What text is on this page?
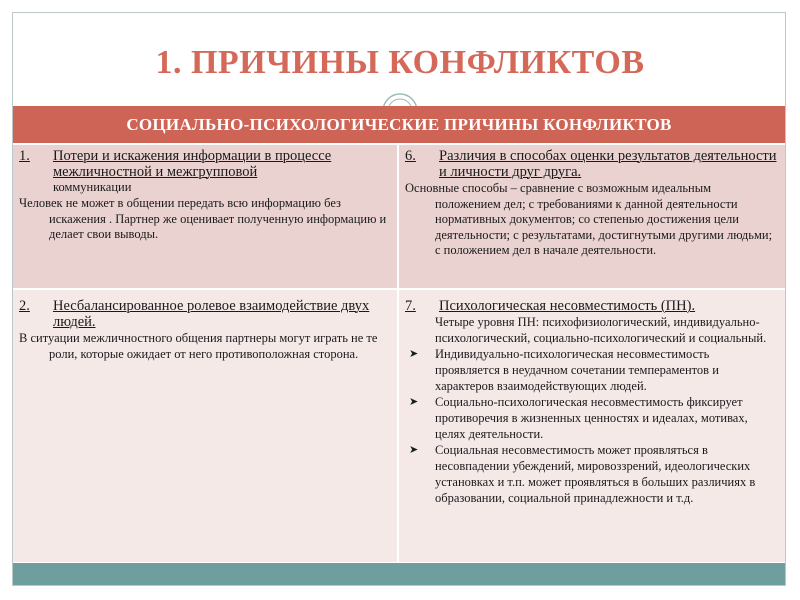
1. ПРИЧИНЫ КОНФЛИКТОВ
СОЦИАЛЬНО-ПСИХОЛОГИЧЕСКИЕ ПРИЧИНЫ КОНФЛИКТОВ
1.	Потери и искажения информации в процессе межличностной и межгрупповой
коммуникации
Человек не может в общении передать всю информацию без искажения . Партнер же оценивает полученную информацию и делает свои выводы.
6.	Различия в способах оценки результатов деятельности и личности друг друга.
Основные способы – сравнение с возможным идеальным положением дел; с требованиями к данной деятельности нормативных документов; со степенью достижения цели деятельности; с результатами, достигнутыми другими людьми; с положением дел в начале деятельности.
2.	Несбалансированное ролевое взаимодействие двух людей.
В ситуации межличностного общения партнеры могут играть не те роли, которые ожидает от него противоположная сторона.
7.	Психологическая несовместимость (ПН).
Четыре уровня ПН: психофизиологический, индивидуально-психологический, социально-психологический и социальный.
➤	Индивидуально-психологическая несовместимость проявляется в неудачном сочетании темпераментов и характеров взаимодействующих людей.
➤	Социально-психологическая несовместимость фиксирует противоречия в жизненных ценностях и идеалах, мотивах, целях деятельности.
➤	Социальная несовместимость может проявляться в несовпадении убеждений, мировоззрений, идеологических установках и т.п. может проявляться в больших различиях в образовании, социальной принадлежности и т.д.
